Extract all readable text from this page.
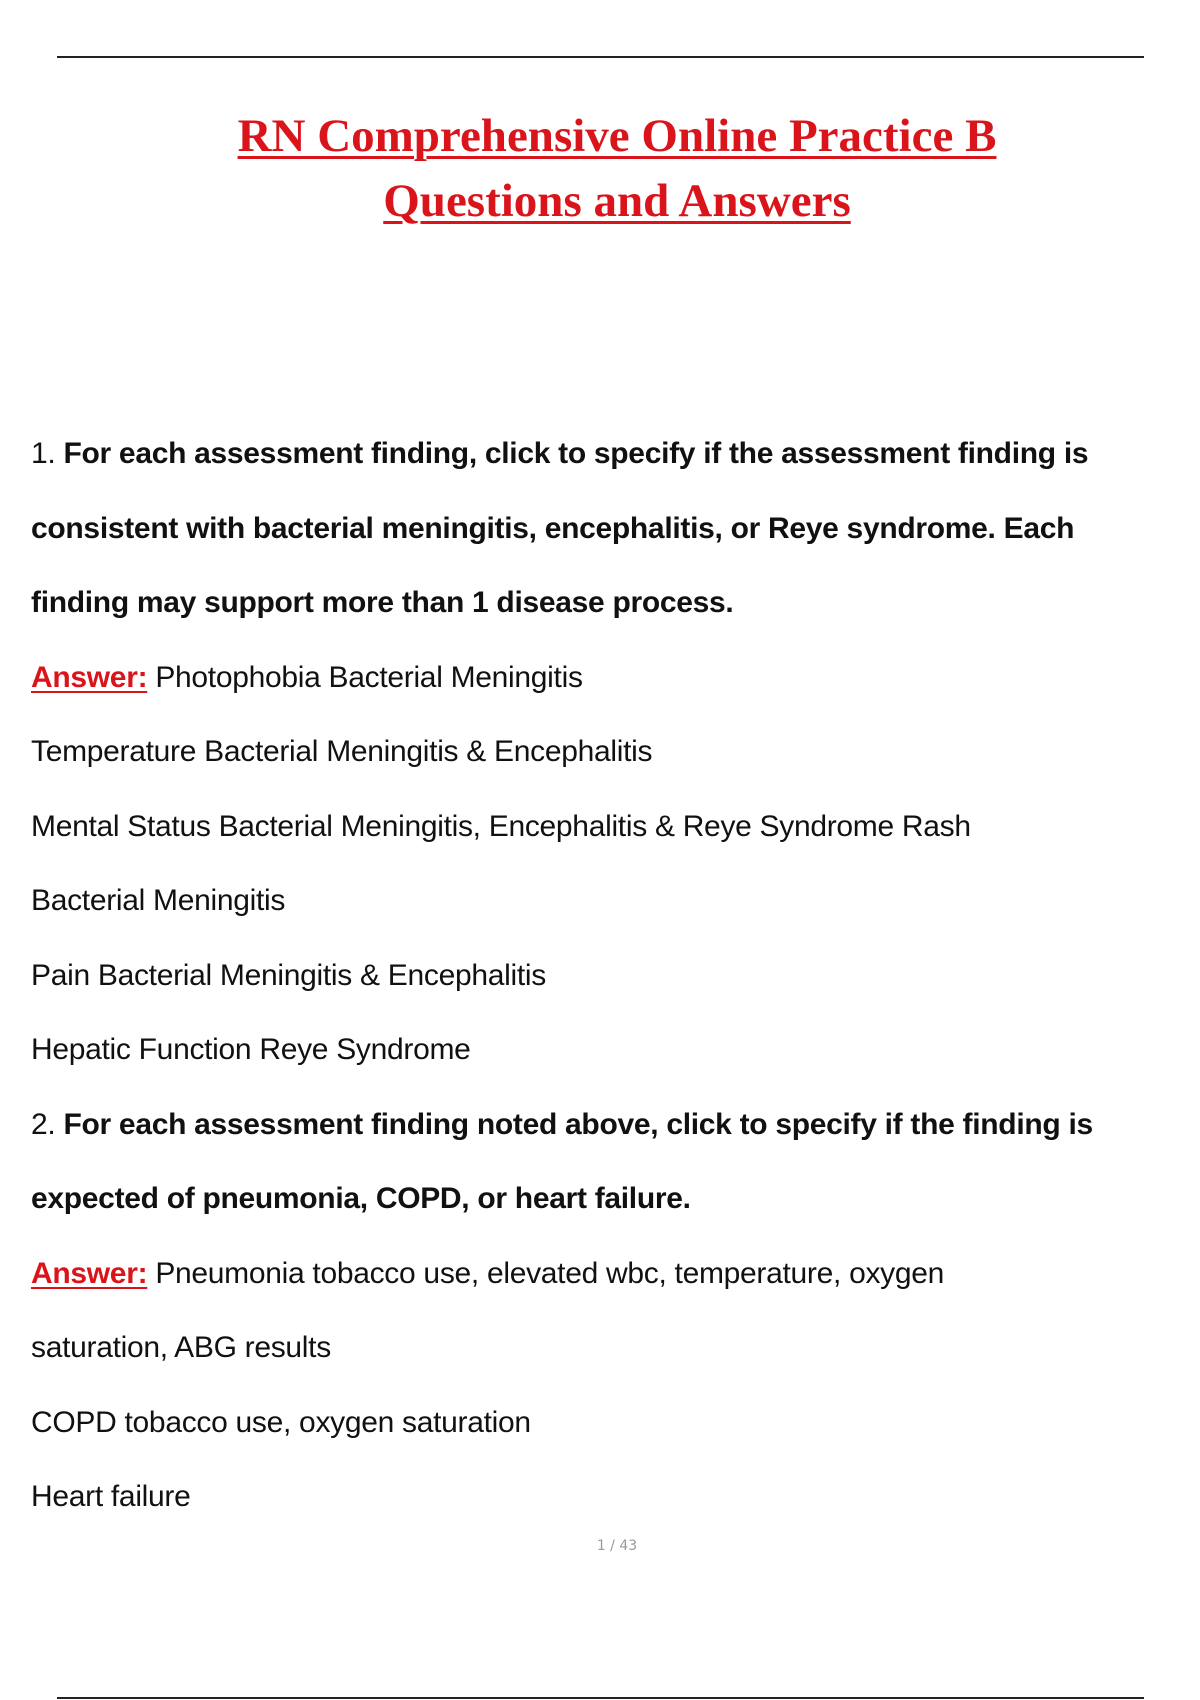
RN Comprehensive Online Practice B
Questions and Answers
1. For each assessment finding, click to specify if the assessment finding is
consistent with bacterial meningitis, encephalitis, or Reye syndrome. Each
finding may support more than 1 disease process.
Answer: Photophobia Bacterial Meningitis
Temperature Bacterial Meningitis & Encephalitis
Mental Status Bacterial Meningitis, Encephalitis & Reye Syndrome Rash
Bacterial Meningitis
Pain Bacterial Meningitis & Encephalitis
Hepatic Function Reye Syndrome
2. For each assessment finding noted above, click to specify if the finding is
expected of pneumonia, COPD, or heart failure.
Answer: Pneumonia tobacco use, elevated wbc, temperature, oxygen
saturation, ABG results
COPD tobacco use, oxygen saturation
Heart failure
1 / 43
